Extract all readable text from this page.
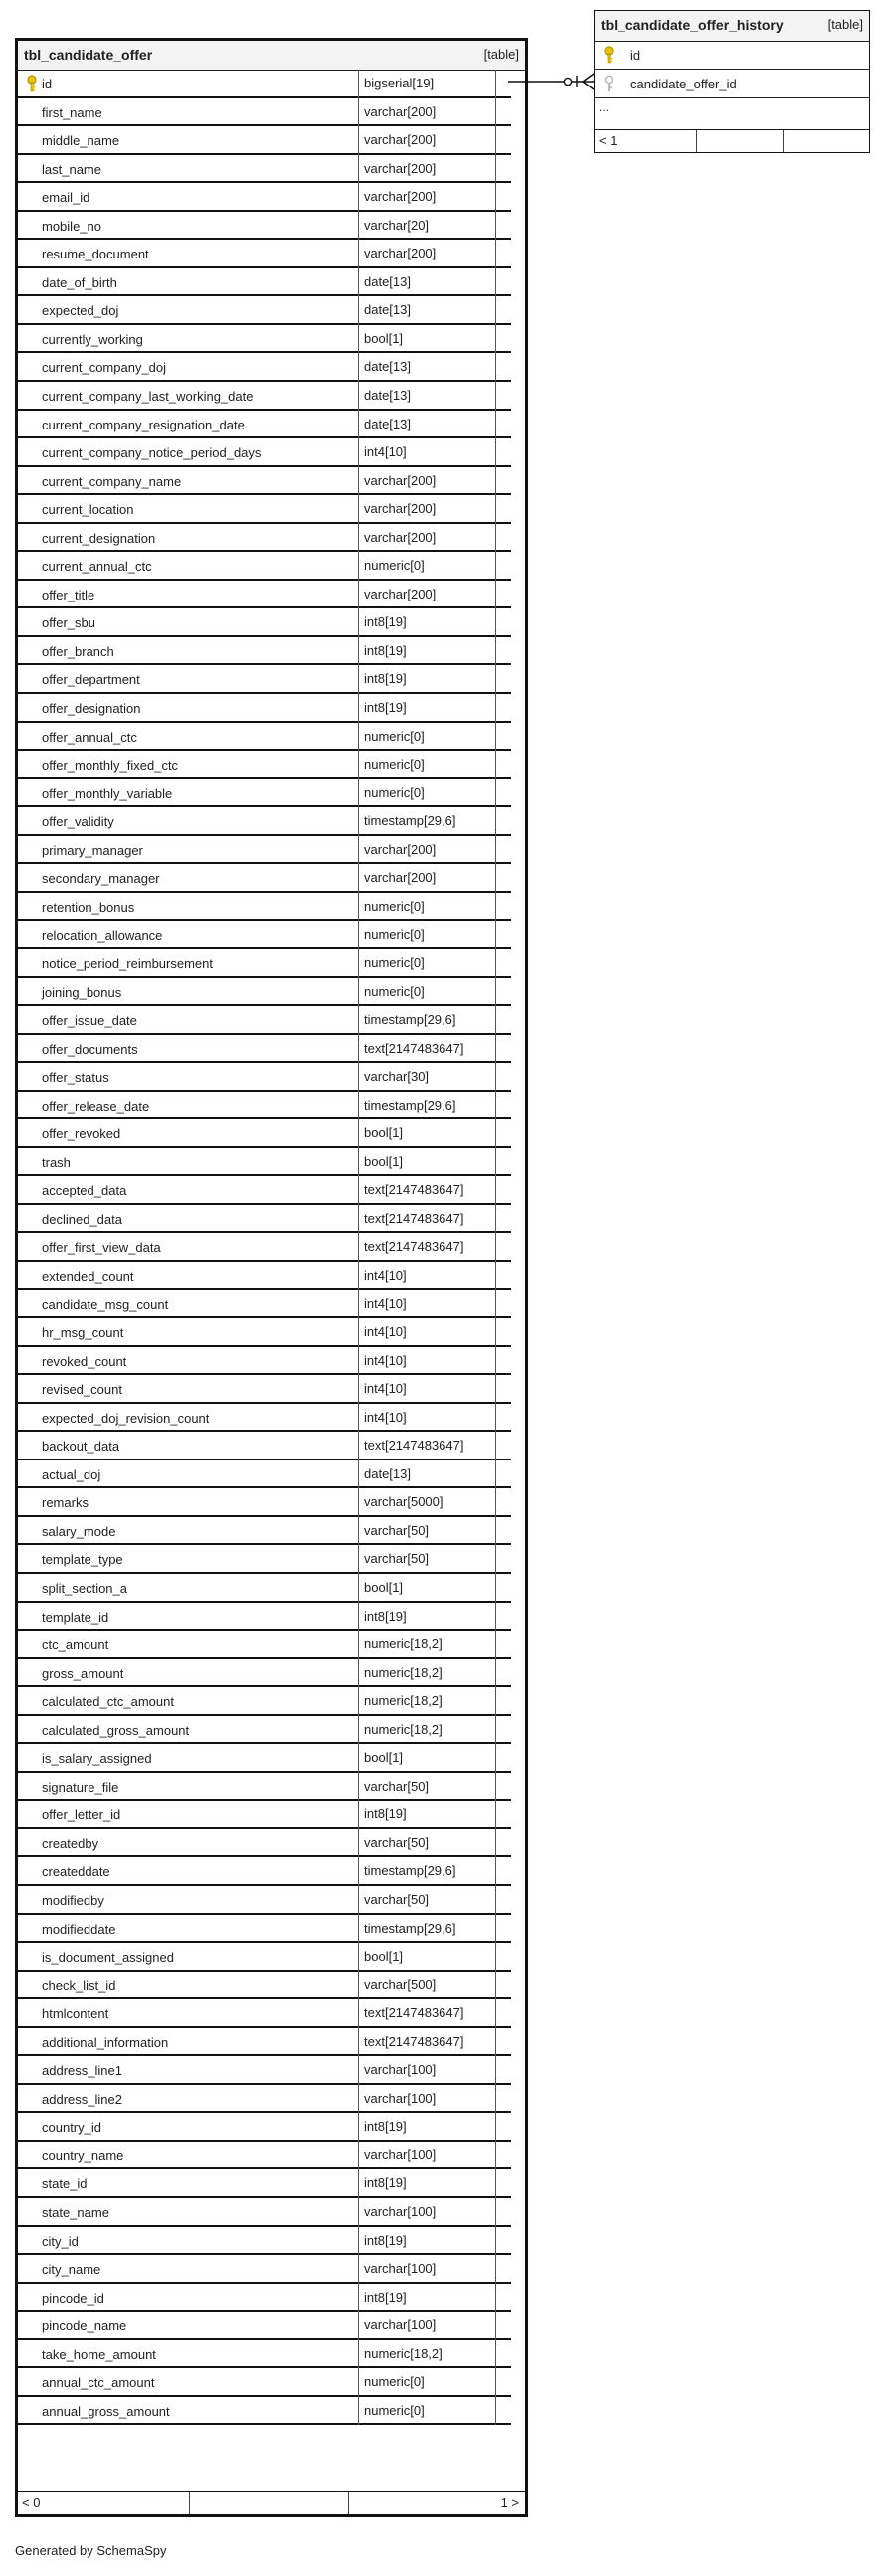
tbl_candidate_offer	[table]
id	bigserial[19]
first_name	varchar[200]
middle_name	varchar[200]
last_name	varchar[200]
email_id	varchar[200]
mobile_no	varchar[20]
resume_document	varchar[200]
date_of_birth	date[13]
expected_doj	date[13]
currently_working	bool[1]
current_company_doj	date[13]
current_company_last_working_date	date[13]
current_company_resignation_date	date[13]
current_company_notice_period_days	int4[10]
current_company_name	varchar[200]
current_location	varchar[200]
current_designation	varchar[200]
current_annual_ctc	numeric[0]
offer_title	varchar[200]
offer_sbu	int8[19]
offer_branch	int8[19]
offer_department	int8[19]
offer_designation	int8[19]
offer_annual_ctc	numeric[0]
offer_monthly_fixed_ctc	numeric[0]
offer_monthly_variable	numeric[0]
offer_validity	timestamp[29,6]
primary_manager	varchar[200]
secondary_manager	varchar[200]
retention_bonus	numeric[0]
relocation_allowance	numeric[0]
notice_period_reimbursement	numeric[0]
joining_bonus	numeric[0]
offer_issue_date	timestamp[29,6]
offer_documents	text[2147483647]
offer_status	varchar[30]
offer_release_date	timestamp[29,6]
offer_revoked	bool[1]
trash	bool[1]
accepted_data	text[2147483647]
declined_data	text[2147483647]
offer_first_view_data	text[2147483647]
extended_count	int4[10]
candidate_msg_count	int4[10]
hr_msg_count	int4[10]
revoked_count	int4[10]
revised_count	int4[10]
expected_doj_revision_count	int4[10]
backout_data	text[2147483647]
actual_doj	date[13]
remarks	varchar[5000]
salary_mode	varchar[50]
template_type	varchar[50]
split_section_a	bool[1]
template_id	int8[19]
ctc_amount	numeric[18,2]
gross_amount	numeric[18,2]
calculated_ctc_amount	numeric[18,2]
calculated_gross_amount	numeric[18,2]
is_salary_assigned	bool[1]
signature_file	varchar[50]
offer_letter_id	int8[19]
createdby	varchar[50]
createddate	timestamp[29,6]
modifiedby	varchar[50]
modifieddate	timestamp[29,6]
is_document_assigned	bool[1]
check_list_id	varchar[500]
htmlcontent	text[2147483647]
additional_information	text[2147483647]
address_line1	varchar[100]
address_line2	varchar[100]
country_id	int8[19]
country_name	varchar[100]
state_id	int8[19]
state_name	varchar[100]
city_id	int8[19]
city_name	varchar[100]
pincode_id	int8[19]
pincode_name	varchar[100]
take_home_amount	numeric[18,2]
annual_ctc_amount	numeric[0]
annual_gross_amount	numeric[0]
< 0	1 >
tbl_candidate_offer_history	[table]
id
candidate_offer_id
...
< 1
Generated by SchemaSpy
